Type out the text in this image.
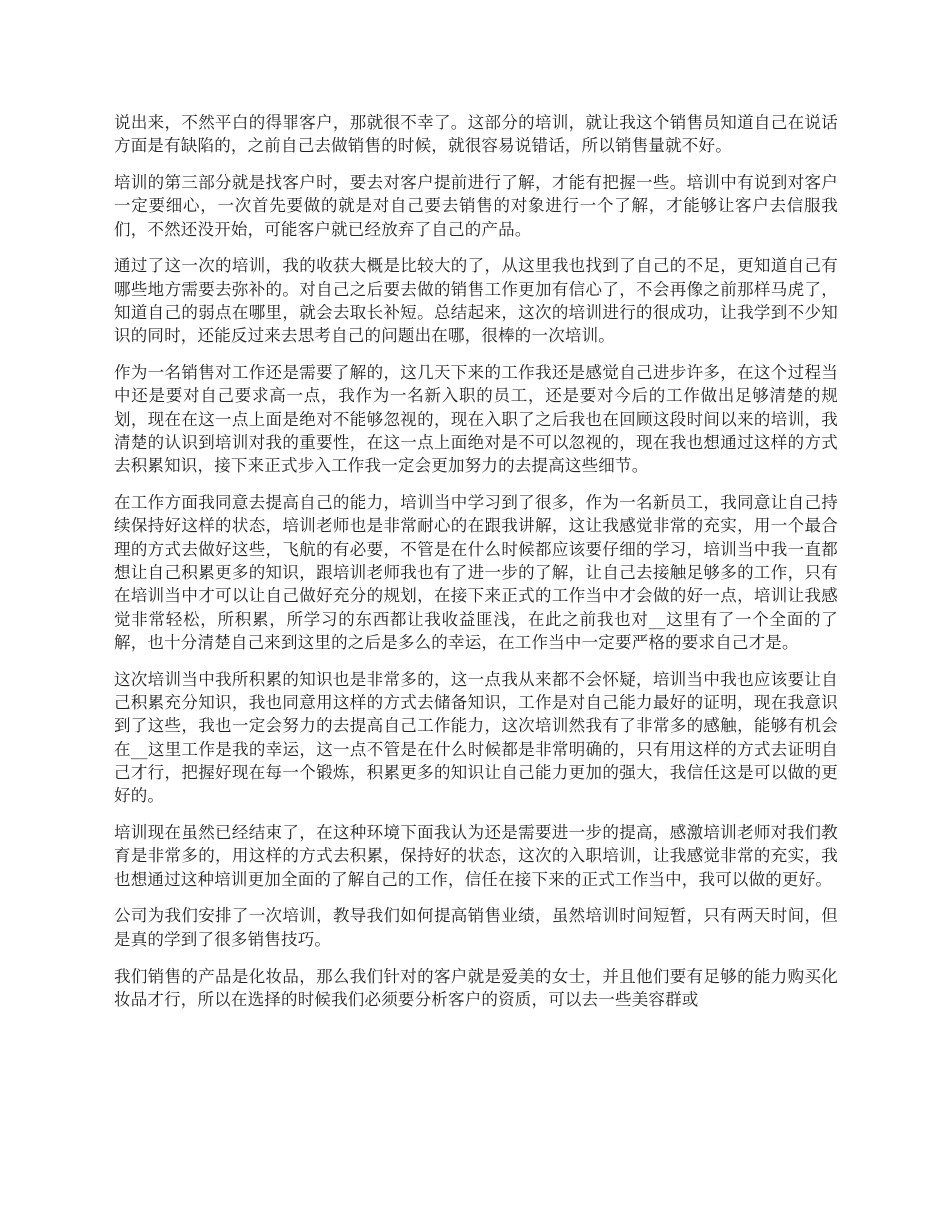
说出来，不然平白的得罪客户，那就很不幸了。这部分的培训，就让我这个销售员知道自己在说话方面是有缺陷的，之前自己去做销售的时候，就很容易说错话，所以销售量就不好。

培训的第三部分就是找客户时，要去对客户提前进行了解，才能有把握一些。培训中有说到对客户一定要细心，一次首先要做的就是对自己要去销售的对象进行一个了解，才能够让客户去信服我们，不然还没开始，可能客户就已经放弃了自己的产品。

通过了这一次的培训，我的收获大概是比较大的了，从这里我也找到了自己的不足，更知道自己有哪些地方需要去弥补的。对自己之后要去做的销售工作更加有信心了，不会再像之前那样马虎了，知道自己的弱点在哪里，就会去取长补短。总结起来，这次的培训进行的很成功，让我学到不少知识的同时，还能反过来去思考自己的问题出在哪，很棒的一次培训。

作为一名销售对工作还是需要了解的，这几天下来的工作我还是感觉自己进步许多，在这个过程当中还是要对自己要求高一点，我作为一名新入职的员工，还是要对今后的工作做出足够清楚的规划，现在在这一点上面是绝对不能够忽视的，现在入职了之后我也在回顾这段时间以来的培训，我清楚的认识到培训对我的重要性，在这一点上面绝对是不可以忽视的，现在我也想通过这样的方式去积累知识，接下来正式步入工作我一定会更加努力的去提高这些细节。

在工作方面我同意去提高自己的能力，培训当中学习到了很多，作为一名新员工，我同意让自己持续保持好这样的状态，培训老师也是非常耐心的在跟我讲解，这让我感觉非常的充实，用一个最合理的方式去做好这些，飞航的有必要，不管是在什么时候都应该要仔细的学习，培训当中我一直都想让自己积累更多的知识，跟培训老师我也有了进一步的了解，让自己去接触足够多的工作，只有在培训当中才可以让自己做好充分的规划，在接下来正式的工作当中才会做的好一点，培训让我感觉非常轻松，所积累，所学习的东西都让我收益匪浅，在此之前我也对__这里有了一个全面的了解，也十分清楚自己来到这里的之后是多么的幸运，在工作当中一定要严格的要求自己才是。

这次培训当中我所积累的知识也是非常多的，这一点我从来都不会怀疑，培训当中我也应该要让自己积累充分知识，我也同意用这样的方式去储备知识，工作是对自己能力最好的证明，现在我意识到了这些，我也一定会努力的去提高自己工作能力，这次培训然我有了非常多的感触，能够有机会在__这里工作是我的幸运，这一点不管是在什么时候都是非常明确的，只有用这样的方式去证明自己才行，把握好现在每一个锻炼，积累更多的知识让自己能力更加的强大，我信任这是可以做的更好的。

培训现在虽然已经结束了，在这种环境下面我认为还是需要进一步的提高，感激培训老师对我们教育是非常多的，用这样的方式去积累，保持好的状态，这次的入职培训，让我感觉非常的充实，我也想通过这种培训更加全面的了解自己的工作，信任在接下来的正式工作当中，我可以做的更好。

公司为我们安排了一次培训，教导我们如何提高销售业绩，虽然培训时间短暂，只有两天时间，但是真的学到了很多销售技巧。

我们销售的产品是化妆品，那么我们针对的客户就是爱美的女士，并且他们要有足够的能力购买化妆品才行，所以在选择的时候我们必须要分析客户的资质，可以去一些美容群或
